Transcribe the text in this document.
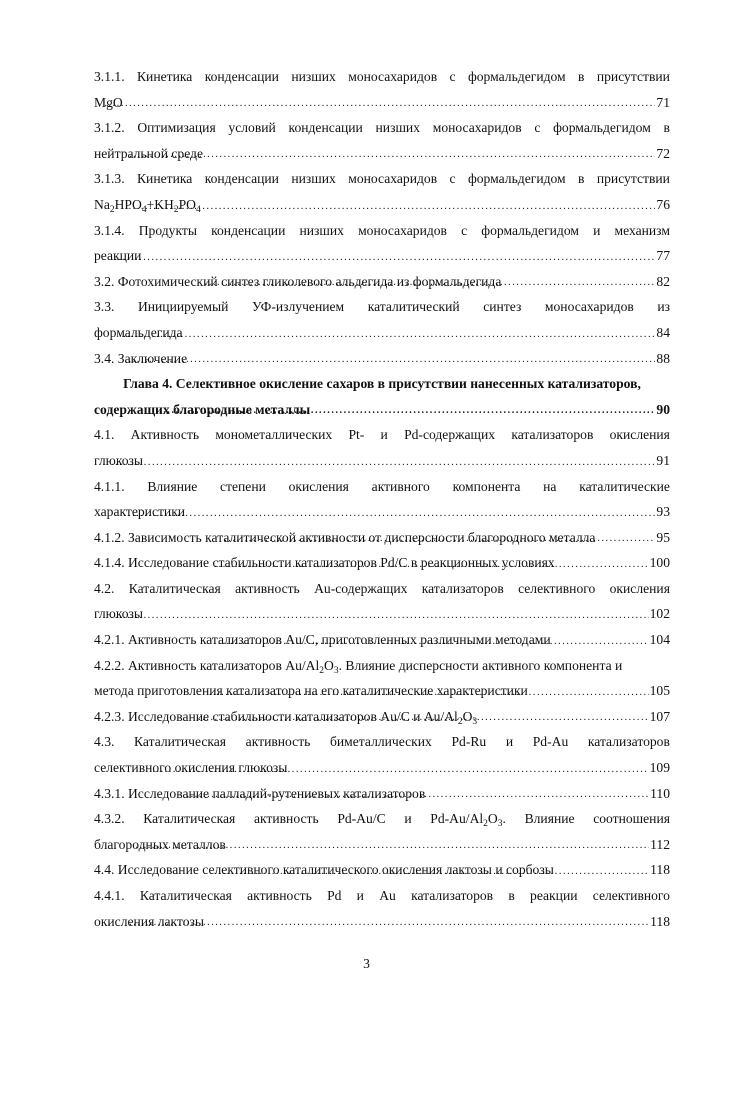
3.1.1. Кинетика конденсации низших моносахаридов с формальдегидом в присутствии
MgO .....	71
3.1.2. Оптимизация условий конденсации низших моносахаридов с формальдегидом в
нейтральной среде .....	72
3.1.3. Кинетика конденсации низших моносахаридов с формальдегидом в присутствии
$Na_2HPO_4+KH_2PO_4$ .....	76
3.1.4. Продукты конденсации низших моносахаридов с формальдегидом и механизм
реакции .....	77
3.2. Фотохимический синтез гликолевого альдегида из формальдегида .....	82
3.3. Инициируемый УФ-излучением каталитический синтез моносахаридов из
формальдегида .....	84
3.4. Заключение .....	88
Глава 4. Селективное окисление сахаров в присутствии нанесенных катализаторов,
содержащих благородные металлы .....	90
4.1. Активность монометаллических Pt- и Pd-содержащих катализаторов окисления
глюкозы .....	91
4.1.1. Влияние степени окисления активного компонента на каталитические
характеристики .....	93
4.1.2. Зависимость каталитической активности от дисперсности благородного металла .....	95
4.1.4. Исследование стабильности катализаторов Pd/C в реакционных условиях .....	100
4.2. Каталитическая активность Au-содержащих катализаторов селективного окисления
глюкозы .....	102
4.2.1. Активность катализаторов Au/C, приготовленных различными методами .....	104
4.2.2. Активность катализаторов $Au/Al_2O_3$. Влияние дисперсности активного компонента и
метода приготовления катализатора на его каталитические характеристики .....	105
4.2.3. Исследование стабильности катализаторов Au/C и $Au/Al_2O_3$ .....	107
4.3. Каталитическая активность биметаллических Pd-Ru и Pd-Au катализаторов
селективного окисления глюкозы .....	109
4.3.1. Исследование палладий-рутениевых катализаторов .....	110
4.3.2. Каталитическая активность Pd-Au/C и $Pd-Au/Al_2O_3$. Влияние соотношения
благородных металлов .....	112
4.4. Исследование селективного каталитического окисления лактозы и сорбозы .....	118
4.4.1. Каталитическая активность Pd и Au катализаторов в реакции селективного
окисления лактозы .....	118
3
